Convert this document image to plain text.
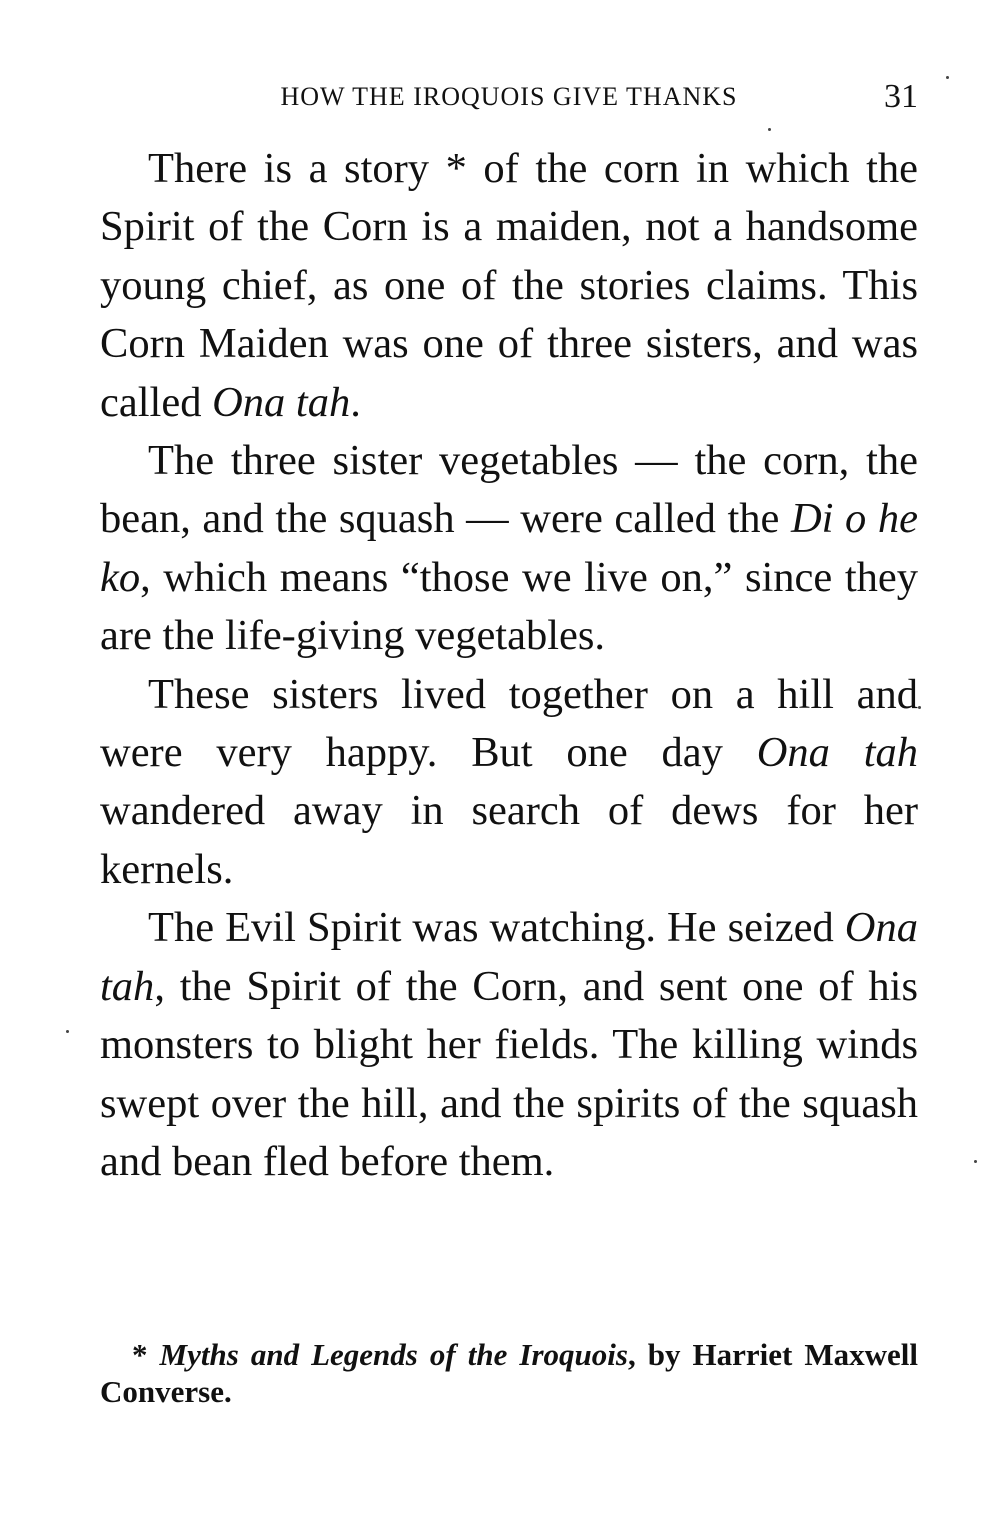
HOW THE IROQUOIS GIVE THANKS	31

There is a story * of the corn in which the Spirit of the Corn is a maiden, not a handsome young chief, as one of the stories claims. This Corn Maiden was one of three sisters, and was called Ona tah.

The three sister vegetables — the corn, the bean, and the squash — were called the Di o he ko, which means “those we live on,” since they are the life-giving vegetables.

These sisters lived together on a hill and were very happy. But one day Ona tah wandered away in search of dews for her kernels.

The Evil Spirit was watching. He seized Ona tah, the Spirit of the Corn, and sent one of his monsters to blight her fields. The killing winds swept over the hill, and the spirits of the squash and bean fled before them.

* Myths and Legends of the Iroquois, by Harriet Maxwell Converse.
